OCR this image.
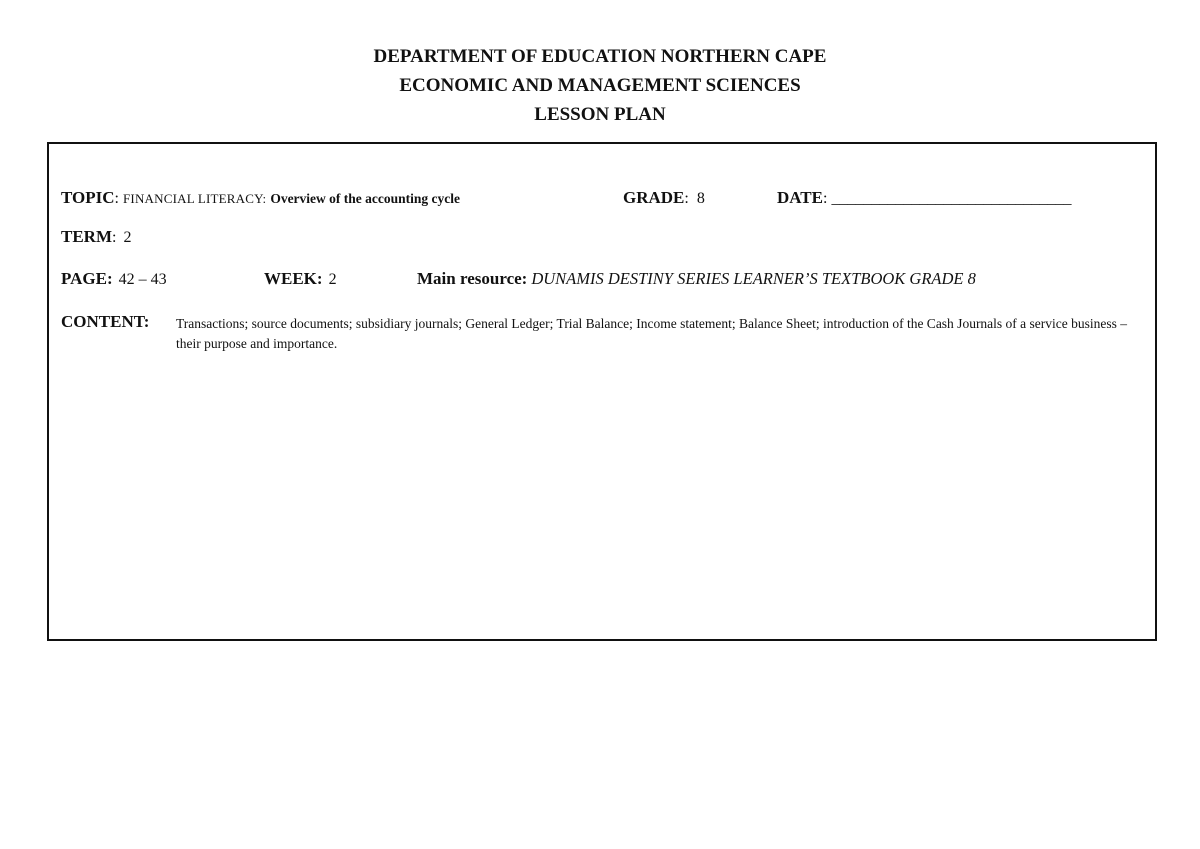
DEPARTMENT OF EDUCATION NORTHERN CAPE
ECONOMIC AND MANAGEMENT SCIENCES
LESSON PLAN
TOPIC: FINANCIAL LITERACY: Overview of the accounting cycle	GRADE: 8	DATE: ______________________________
TERM: 2
PAGE: 42 – 43	WEEK: 2	Main resource: DUNAMIS DESTINY SERIES LEARNER’S TEXTBOOK GRADE 8
CONTENT: Transactions; source documents; subsidiary journals; General Ledger; Trial Balance; Income statement; Balance Sheet; introduction of the Cash Journals of a service business – their purpose and importance.
